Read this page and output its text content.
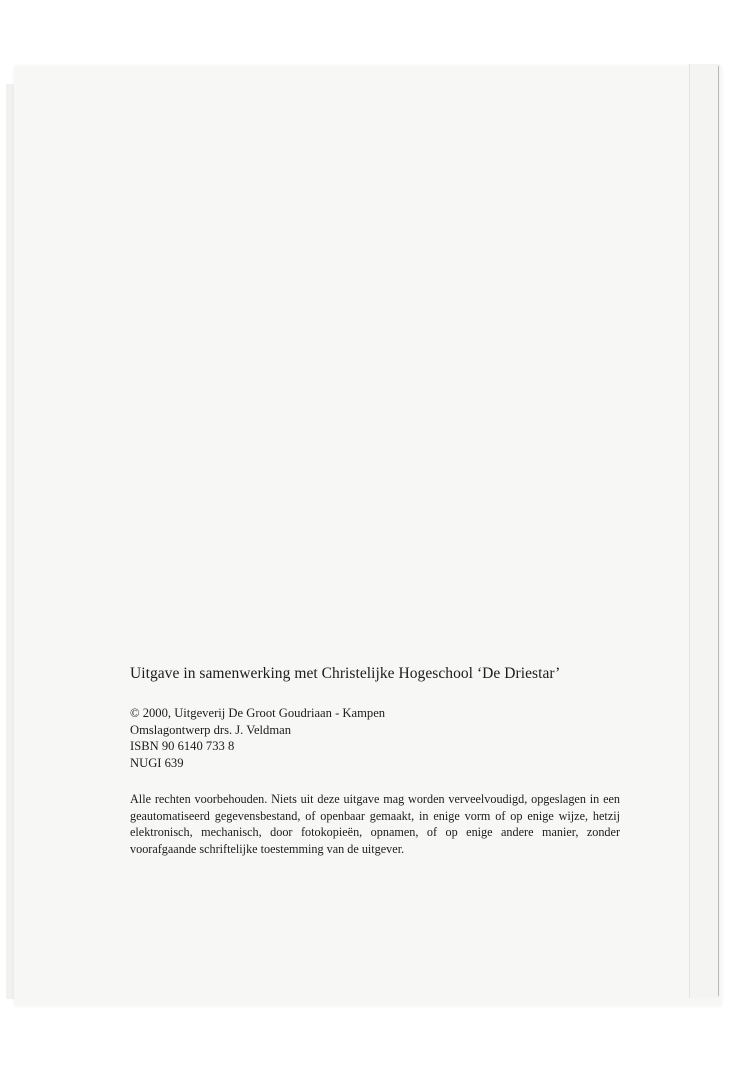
Uitgave in samenwerking met Christelijke Hogeschool ‘De Driestar’

© 2000, Uitgeverij De Groot Goudriaan - Kampen
Omslagontwerp drs. J. Veldman
ISBN 90 6140 733 8
NUGI 639

Alle rechten voorbehouden. Niets uit deze uitgave mag worden verveelvoudigd, opgeslagen in een geautomatiseerd gegevensbestand, of openbaar gemaakt, in enige vorm of op enige wijze, hetzij elektronisch, mechanisch, door fotokopieën, opnamen, of op enige andere manier, zonder voorafgaande schriftelijke toestemming van de uitgever.
